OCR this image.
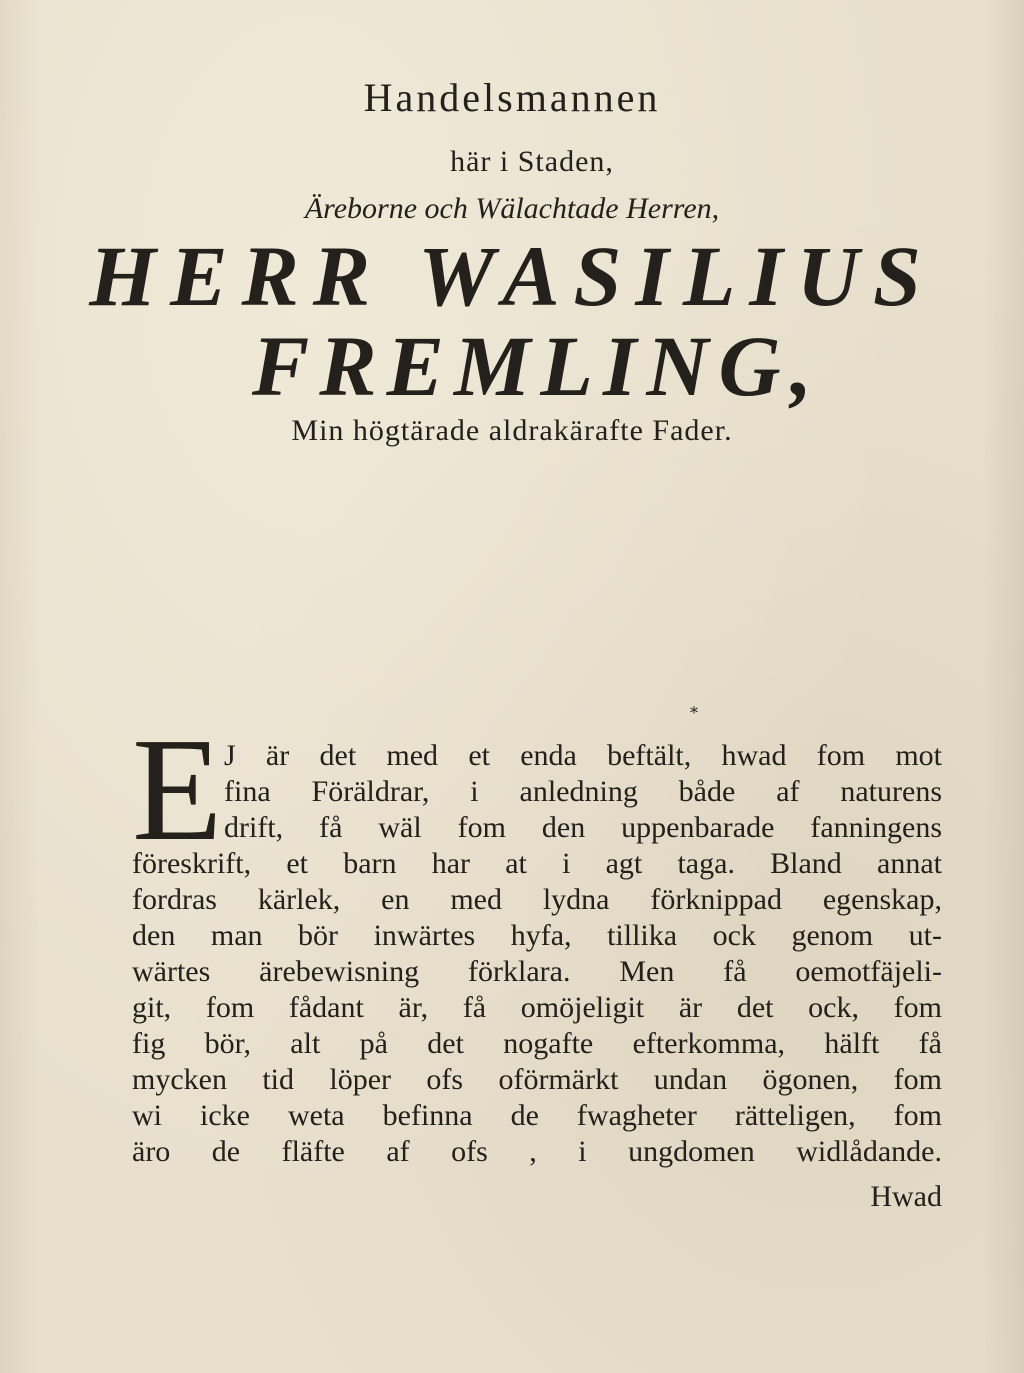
Handelsmannen
här i Staden,
Äreborne och Wälachtade Herren,
HERR WASILIUS
FREMLING,
Min högtärade aldrakärafte Fader.
⁎
E J är det med et enda beftält, hwad fom mot
fina Föräldrar, i anledning både af naturens
drift, få wäl fom den uppenbarade fanningens
föreskrift, et barn har at i agt taga. Bland annat
fordras kärlek, en med lydna förknippad egenskap,
den man bör inwärtes hyfa, tillika ock genom ut-
wärtes ärebewisning förklara. Men få oemotfäjeli-
git, fom fådant är, få omöjeligit är det ock, fom
fig bör, alt på det nogafte efterkomma, hälft få
mycken tid löper ofs oförmärkt undan ögonen, fom
wi icke weta befinna de fwagheter rätteligen, fom
äro de fläfte af ofs , i ungdomen widlådande.
Hwad
